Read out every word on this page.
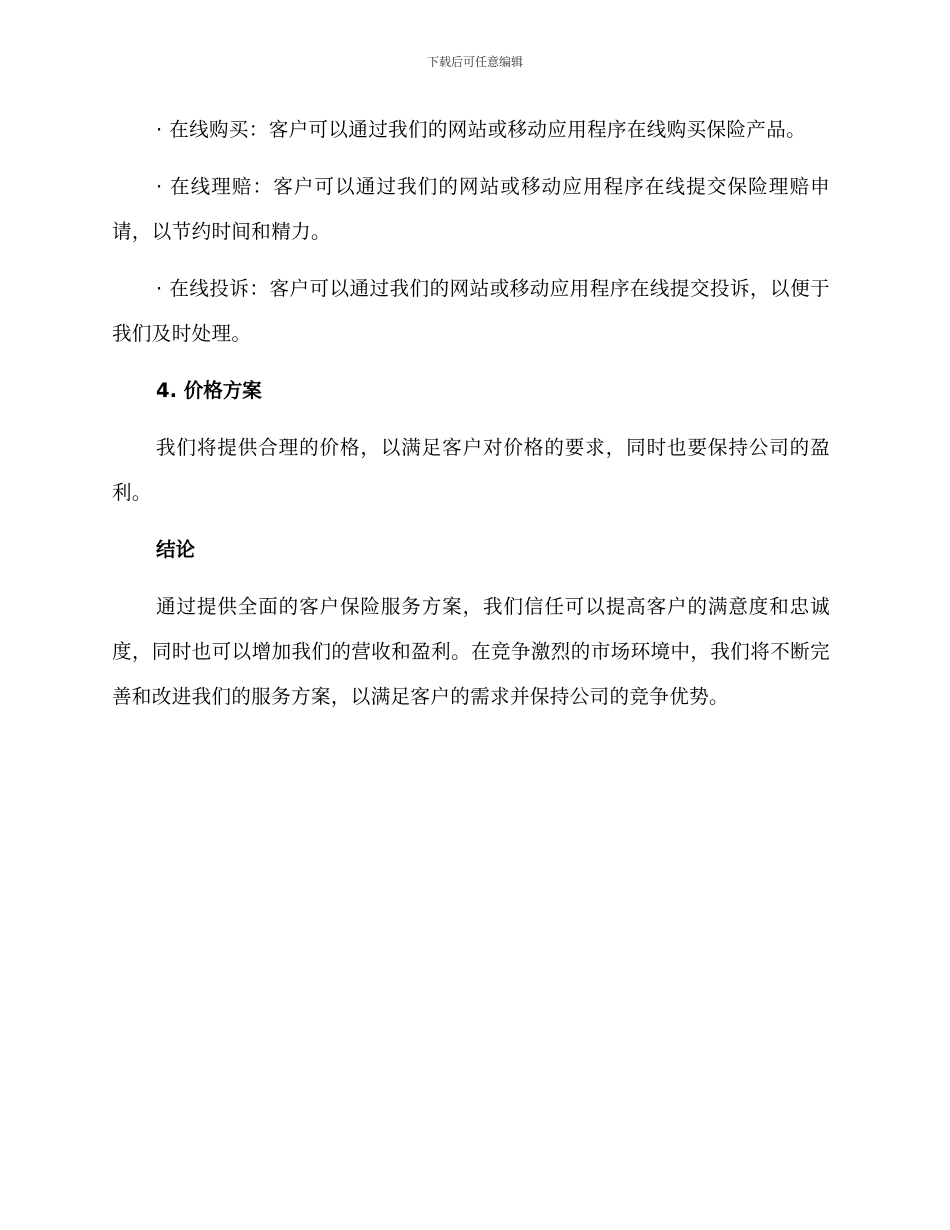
下载后可任意编辑

· 在线购买：客户可以通过我们的网站或移动应用程序在线购买保险产品。

· 在线理赔：客户可以通过我们的网站或移动应用程序在线提交保险理赔申请，以节约时间和精力。

· 在线投诉：客户可以通过我们的网站或移动应用程序在线提交投诉，以便于我们及时处理。

4. 价格方案

我们将提供合理的价格，以满足客户对价格的要求，同时也要保持公司的盈利。

结论

通过提供全面的客户保险服务方案，我们信任可以提高客户的满意度和忠诚度，同时也可以增加我们的营收和盈利。在竞争激烈的市场环境中，我们将不断完善和改进我们的服务方案，以满足客户的需求并保持公司的竞争优势。
